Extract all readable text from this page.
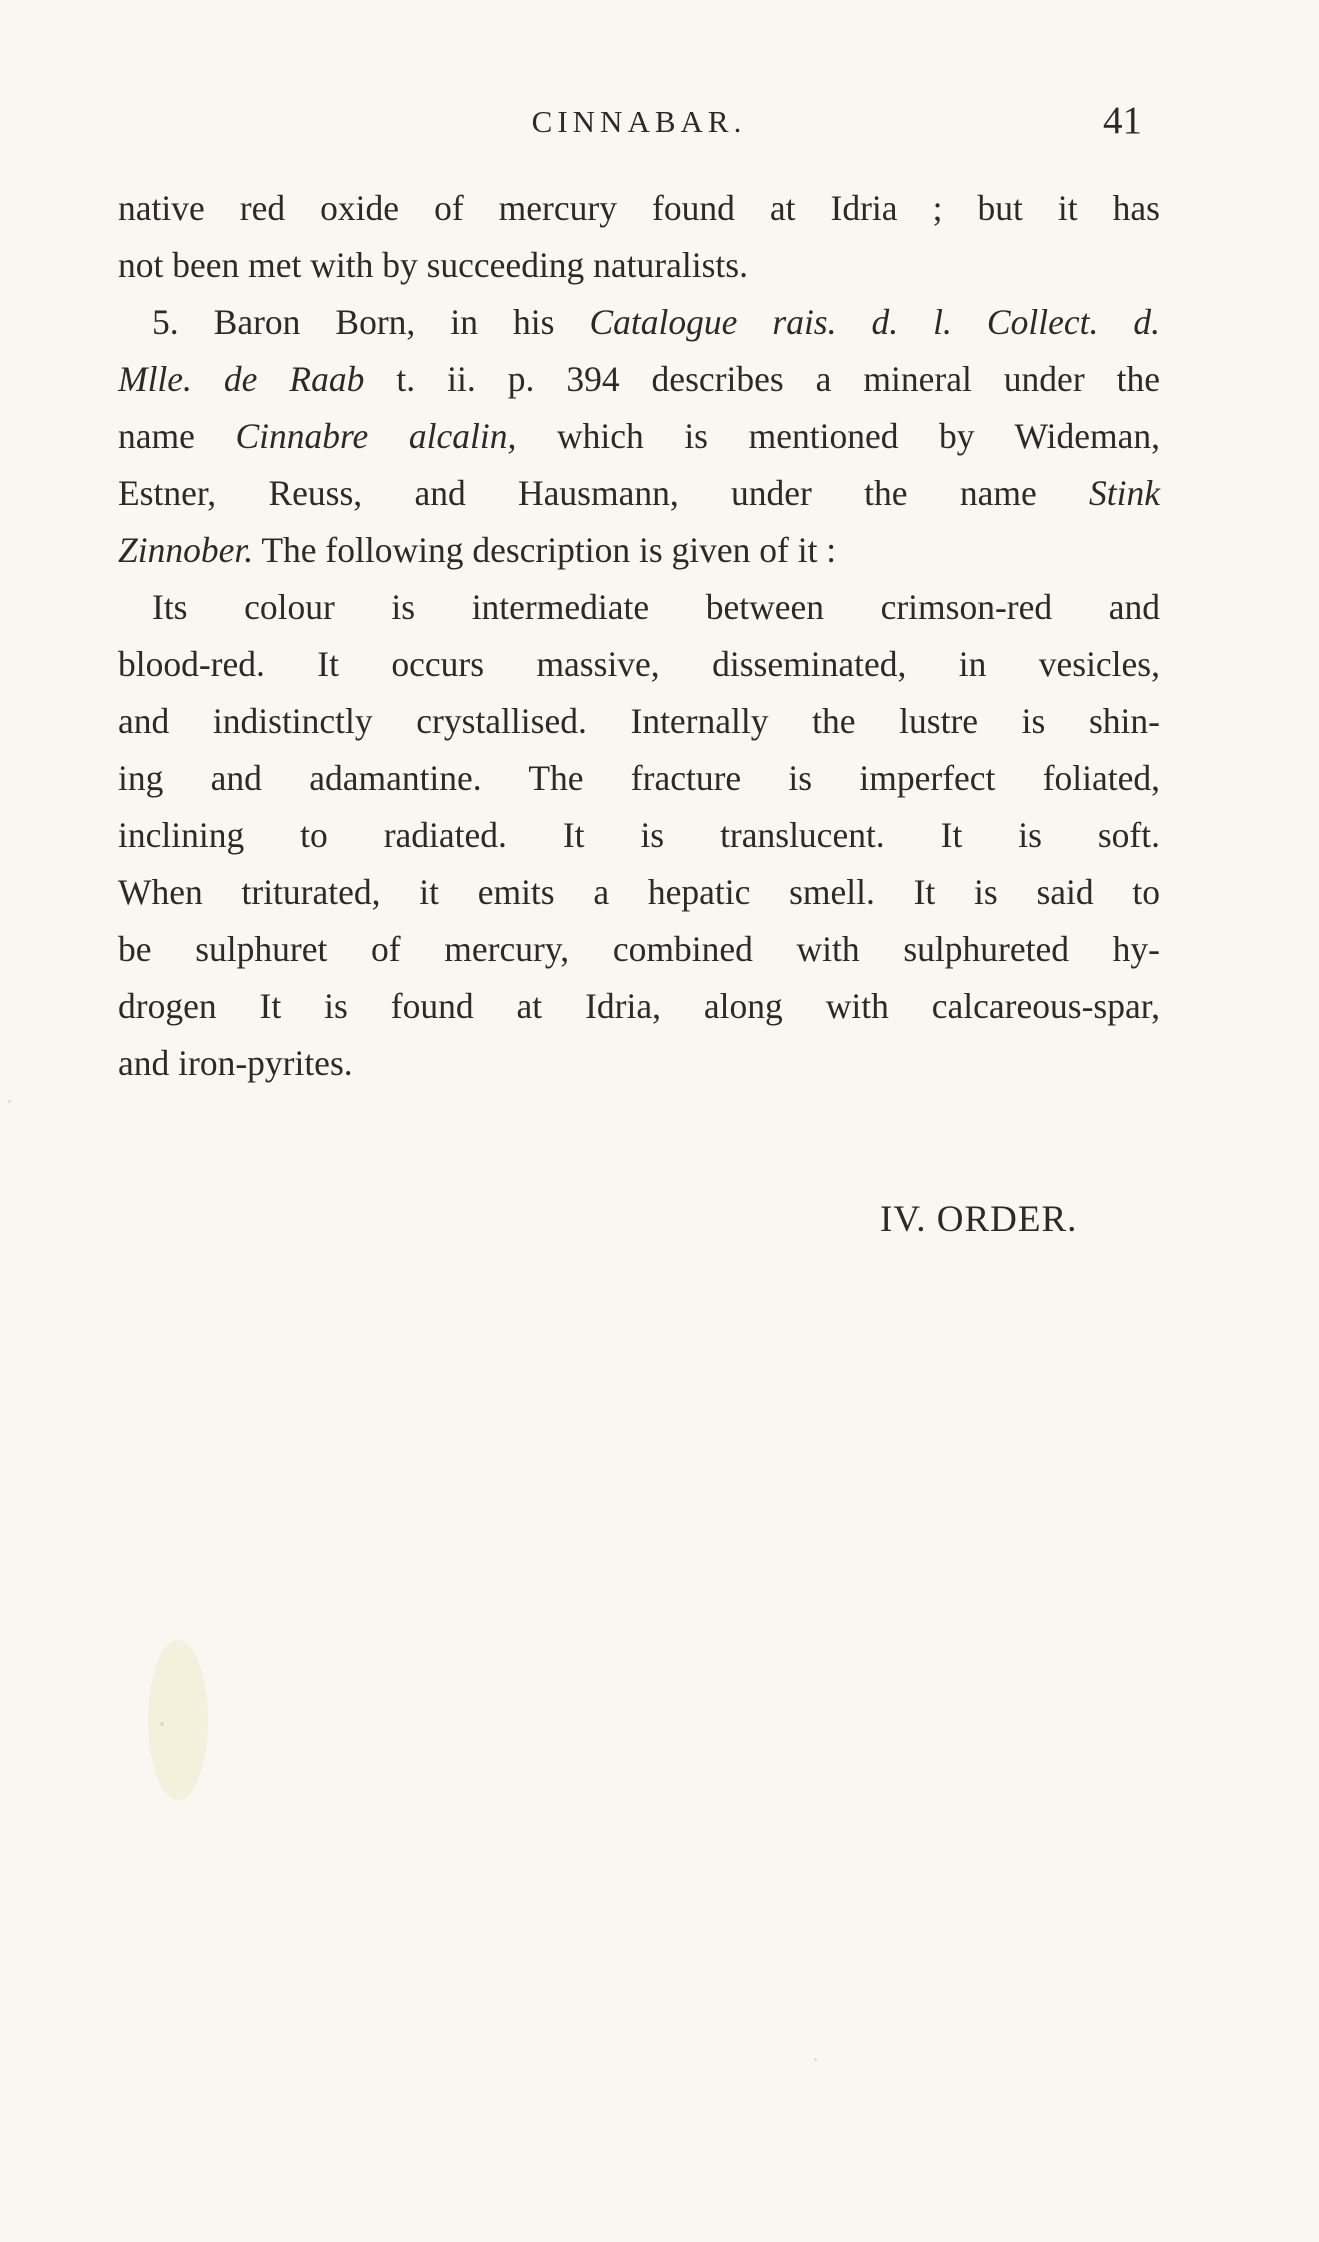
CINNABAR.	41
native red oxide of mercury found at Idria ; but it has
not been met with by succeeding naturalists.
5. Baron Born, in his Catalogue rais. d. l. Collect. d.
Mlle. de Raab t. ii. p. 394 describes a mineral under the
name Cinnabre alcalin, which is mentioned by Wideman,
Estner, Reuss, and Hausmann, under the name Stink
Zinnober. The following description is given of it :
Its colour is intermediate between crimson-red and
blood-red. It occurs massive, disseminated, in vesicles,
and indistinctly crystallised. Internally the lustre is shin-
ing and adamantine. The fracture is imperfect foliated,
inclining to radiated. It is translucent. It is soft.
When triturated, it emits a hepatic smell. It is said to
be sulphuret of mercury, combined with sulphureted hy-
drogen It is found at Idria, along with calcareous-spar,
and iron-pyrites.
IV. ORDER.
